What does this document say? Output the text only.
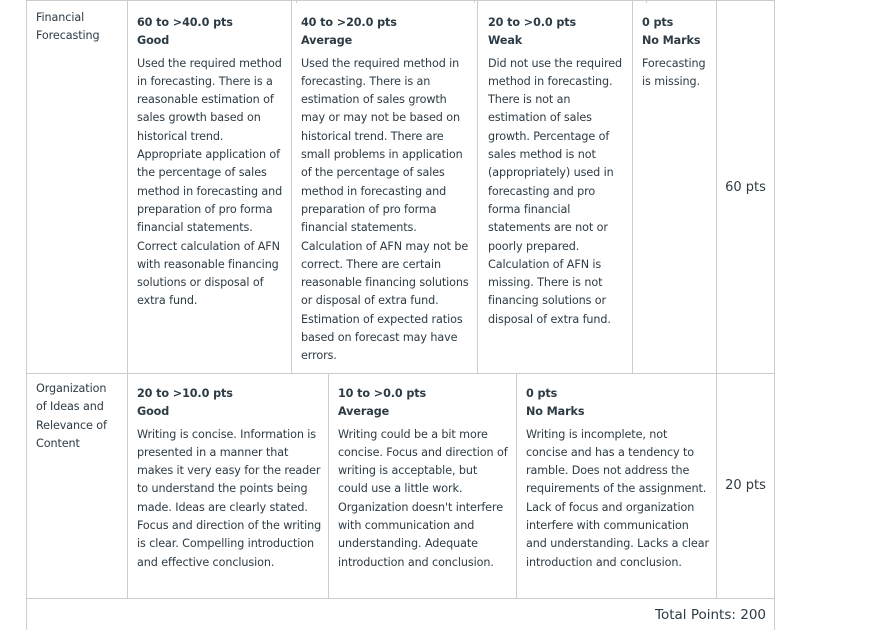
Financial Forecasting
60 to >40.0 pts
Good
Used the required method in forecasting. There is a reasonable estimation of sales growth based on historical trend. Appropriate application of the percentage of sales method in forecasting and preparation of pro forma financial statements. Correct calculation of AFN with reasonable financing solutions or disposal of extra fund.
40 to >20.0 pts
Average
Used the required method in forecasting. There is an estimation of sales growth may or may not be based on historical trend. There are small problems in application of the percentage of sales method in forecasting and preparation of pro forma financial statements. Calculation of AFN may not be correct. There are certain reasonable financing solutions or disposal of extra fund. Estimation of expected ratios based on forecast may have errors.
20 to >0.0 pts
Weak
Did not use the required method in forecasting. There is not an estimation of sales growth. Percentage of sales method is not (appropriately) used in forecasting and pro forma financial statements are not or poorly prepared. Calculation of AFN is missing. There is not financing solutions or disposal of extra fund.
0 pts
No Marks
Forecasting is missing.
60 pts
Organization of Ideas and Relevance of Content
20 to >10.0 pts
Good
Writing is concise. Information is presented in a manner that makes it very easy for the reader to understand the points being made. Ideas are clearly stated. Focus and direction of the writing is clear. Compelling introduction and effective conclusion.
10 to >0.0 pts
Average
Writing could be a bit more concise. Focus and direction of writing is acceptable, but could use a little work. Organization doesn't interfere with communication and understanding. Adequate introduction and conclusion.
0 pts
No Marks
Writing is incomplete, not concise and has a tendency to ramble. Does not address the requirements of the assignment. Lack of focus and organization interfere with communication and understanding. Lacks a clear introduction and conclusion.
20 pts
Total Points: 200
